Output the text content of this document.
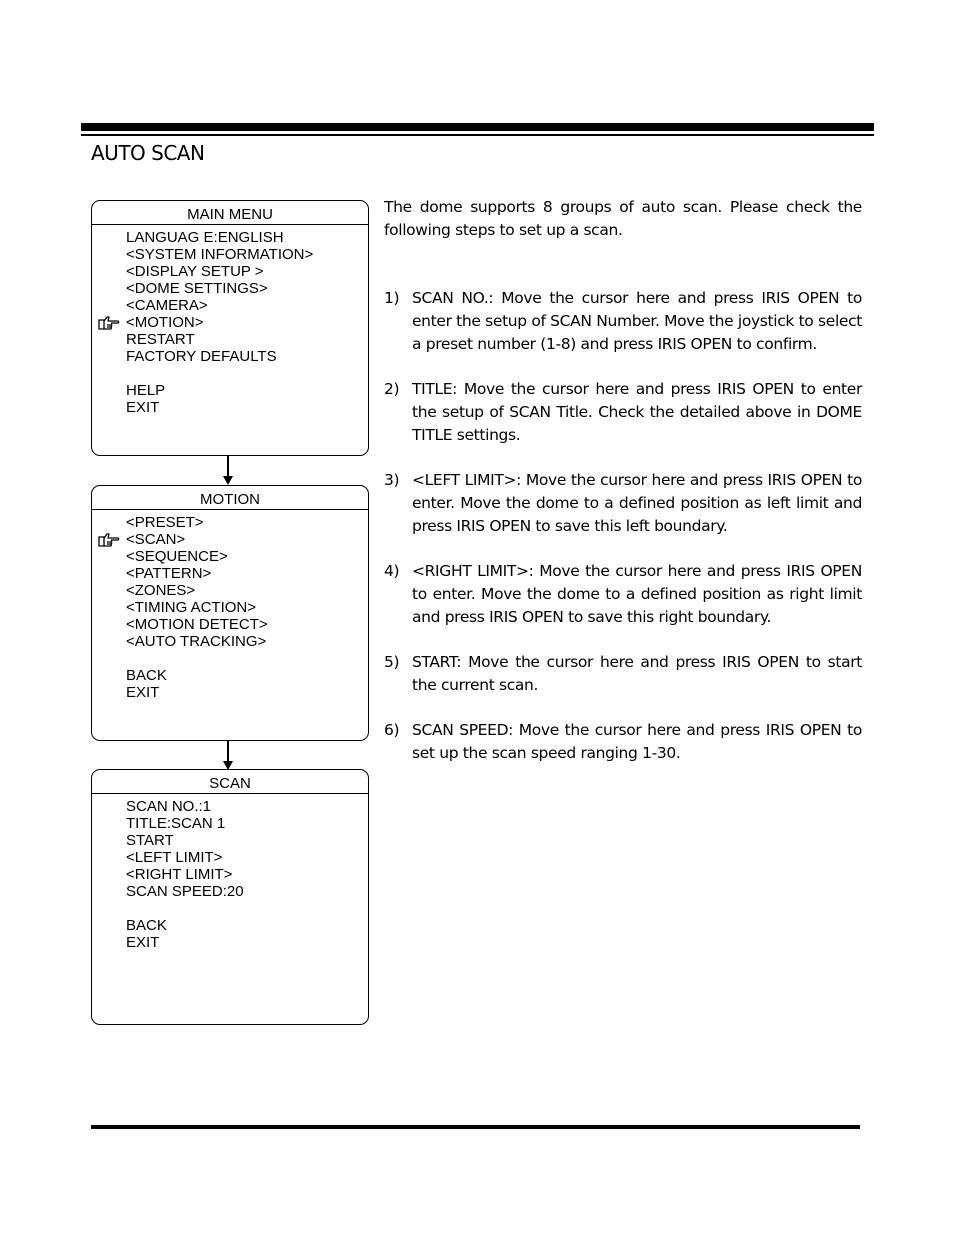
AUTO SCAN
MAIN MENU
LANGUAG E:ENGLISH
<SYSTEM INFORMATION>
<DISPLAY SETUP >
<DOME SETTINGS>
<CAMERA>
<MOTION>
RESTART
FACTORY DEFAULTS
HELP
EXIT
MOTION
<PRESET>
<SCAN>
<SEQUENCE>
<PATTERN>
<ZONES>
<TIMING ACTION>
<MOTION DETECT>
<AUTO TRACKING>
BACK
EXIT
SCAN
SCAN NO.:1
TITLE:SCAN 1
START
<LEFT LIMIT>
<RIGHT LIMIT>
SCAN SPEED:20
BACK
EXIT
The dome supports 8 groups of auto scan. Please check the following steps to set up a scan.
1) SCAN NO.: Move the cursor here and press IRIS OPEN to enter the setup of SCAN Number. Move the joystick to select a preset number (1-8) and press IRIS OPEN to confirm.
2) TITLE: Move the cursor here and press IRIS OPEN to enter the setup of SCAN Title. Check the detailed above in DOME TITLE settings.
3) <LEFT LIMIT>: Move the cursor here and press IRIS OPEN to enter. Move the dome to a defined position as left limit and press IRIS OPEN to save this left boundary.
4) <RIGHT LIMIT>: Move the cursor here and press IRIS OPEN to enter. Move the dome to a defined position as right limit and press IRIS OPEN to save this right boundary.
5) START: Move the cursor here and press IRIS OPEN to start the current scan.
6) SCAN SPEED: Move the cursor here and press IRIS OPEN to set up the scan speed ranging 1-30.
